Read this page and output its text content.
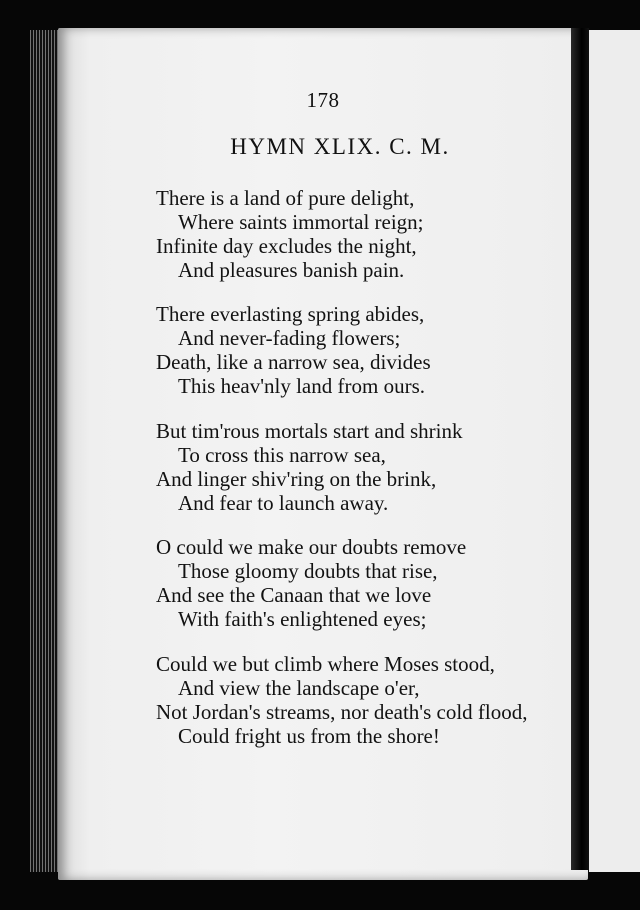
178
HYMN XLIX. C. M.
There is a land of pure delight,
Where saints immortal reign;
Infinite day excludes the night,
And pleasures banish pain.
There everlasting spring abides,
And never-fading flowers;
Death, like a narrow sea, divides
This heav'nly land from ours.
But tim'rous mortals start and shrink
To cross this narrow sea,
And linger shiv'ring on the brink,
And fear to launch away.
O could we make our doubts remove
Those gloomy doubts that rise,
And see the Canaan that we love
With faith's enlightened eyes;
Could we but climb where Moses stood,
And view the landscape o'er,
Not Jordan's streams, nor death's cold flood,
Could fright us from the shore!
